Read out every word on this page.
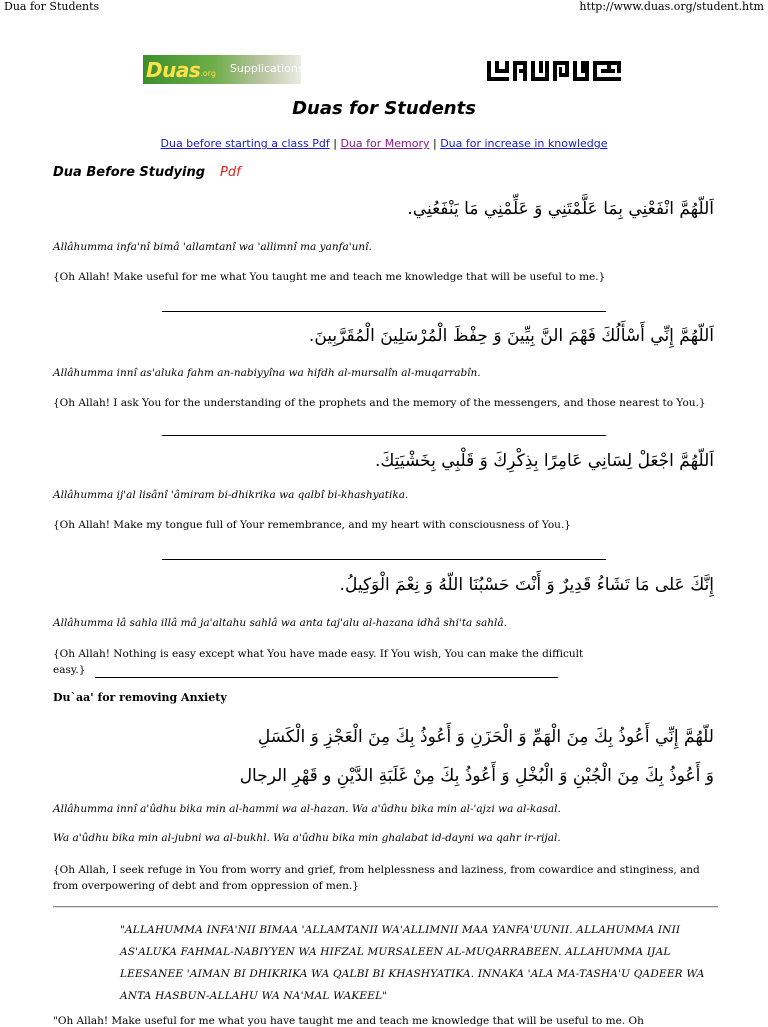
Dua for Students	http://www.duas.org/student.htm
Duas .org Supplications
Duas for Students
Dua before starting a class Pdf | Dua for Memory | Dua for increase in knowledge
Dua Before Studying Pdf
اَللّهُمَّ انْفَعْنِي بِمَا عَلَّمْتَنِي وَ عَلِّمْنِي مَا يَنْفَعُنِي.
Allâhumma infa'nî bimâ 'allamtanî wa 'allimnî ma yanfa'unî.
{Oh Allah! Make useful for me what You taught me and teach me knowledge that will be useful to me.}
اَللّهُمَّ إِنِّي أَسْأَلُكَ فَهْمَ النَّ بِيِّينَ وَ حِفْظَ الْمُرْسَلِينَ الْمُقَرَّبِينَ.
Allâhumma innî as'aluka fahm an-nabiyyîna wa hifdh al-mursalîn al-muqarrabîn.
{Oh Allah! I ask You for the understanding of the prophets and the memory of the messengers, and those nearest to You.}
اَللّهُمَّ اجْعَلْ لِسَانِي عَامِرًا بِذِكْرِكَ وَ قَلْبِي بِخَشْيَتِكَ.
Allâhumma ij'al lisânî 'âmiram bi-dhikrika wa qalbî bi-khashyatika.
{Oh Allah! Make my tongue full of Your remembrance, and my heart with consciousness of You.}
إِنَّكَ عَلى مَا تَشَاءُ قَدِيرٌ وَ أَنْتَ حَسْبُنَا اللّهُ وَ نِعْمَ الْوَكِيلُ.
Allâhumma lâ sahla illâ mâ ja'altahu sahlâ wa anta taj'alu al-hazana idhâ shi'ta sahlâ.
{Oh Allah! Nothing is easy except what You have made easy. If You wish, You can make the difficult easy.}
Du`aa' for removing Anxiety
للّهُمَّ إِنِّي أَعُوذُ بِكَ مِنَ الْهَمِّ وَ الْحَزَنِ وَ أَعُوذُ بِكَ مِنَ الْعَجْزِ وَ الْكَسَلِ
وَ أَعُوذُ بِكَ مِنَ الْجُبْنِ وَ الْبُخْلِ وَ أَعُوذُ بِكَ مِنْ غَلَبَةِ الدَّيْنِ و قَهْرِ الرجال
Allâhumma innî a'ûdhu bika min al-hammi wa al-hazan. Wa a'ûdhu bika min al-'ajzi wa al-kasal.
Wa a'ûdhu bika min al-jubni wa al-bukhl. Wa a'ûdhu bika min ghalabat id-dayni wa qahr ir-rijal.
{Oh Allah, I seek refuge in You from worry and grief, from helplessness and laziness, from cowardice and stinginess, and from overpowering of debt and from oppression of men.}
"ALLAHUMMA INFA'NII BIMAA 'ALLAMTANII WA'ALLIMNII MAA YANFA'UUNII. ALLAHUMMA INII AS'ALUKA FAHMAL-NABIYYEN WA HIFZAL MURSALEEN AL-MUQARRABEEN. ALLAHUMMA IJAL LEESANEE 'AIMAN BI DHIKRIKA WA QALBI BI KHASHYATIKA. INNAKA 'ALA MA-TASHA'U QADEER WA ANTA HASBUN-ALLAHU WA NA'MAL WAKEEL"
"Oh Allah! Make useful for me what you have taught me and teach me knowledge that will be useful to me. Oh
